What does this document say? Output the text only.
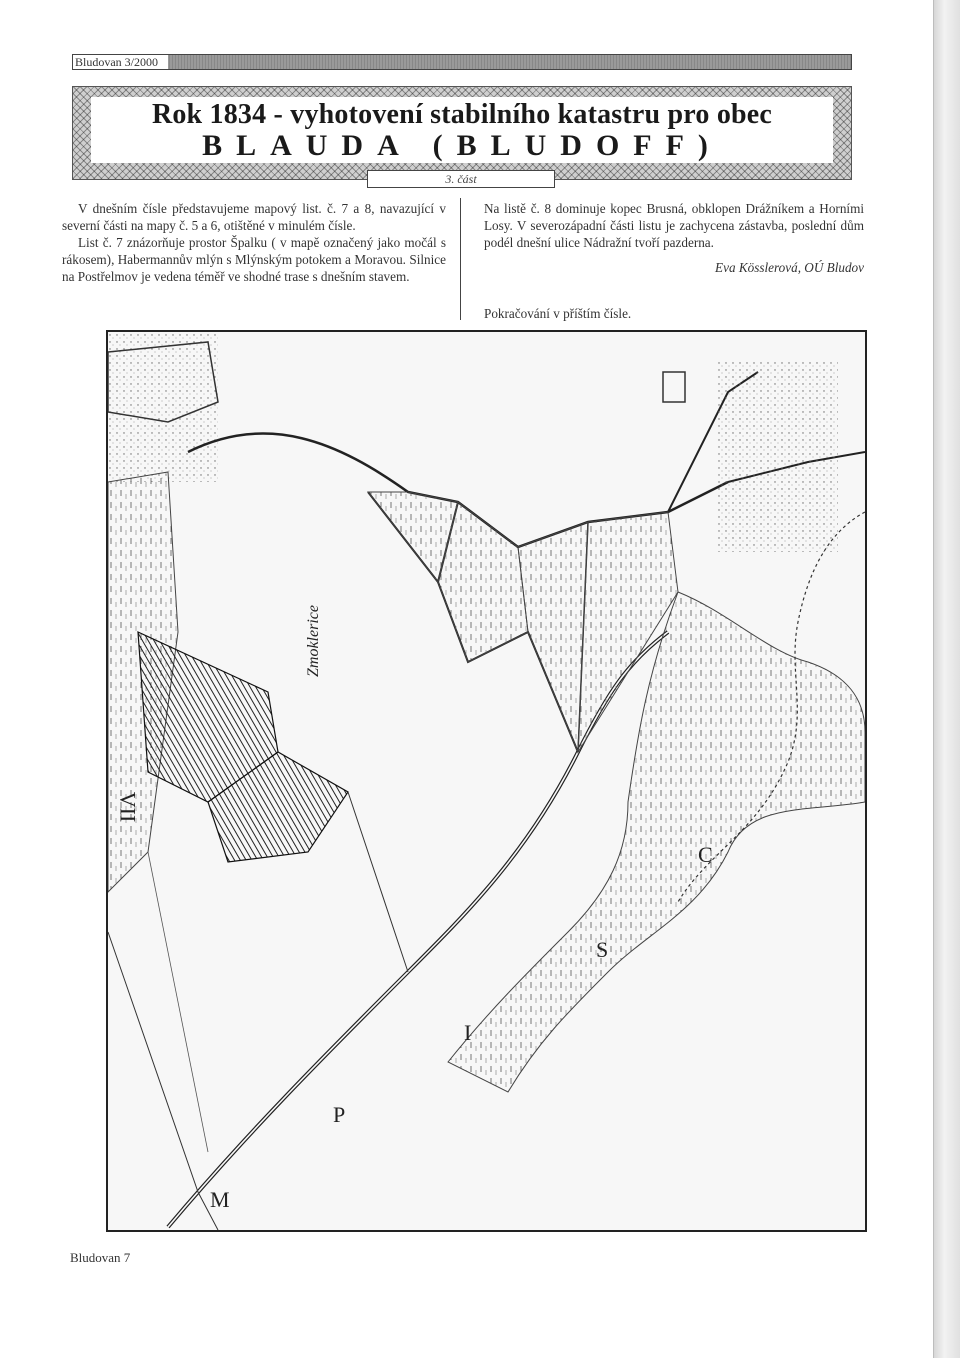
Bludovan 3/2000
Rok 1834 - vyhotovení stabilního katastru pro obec
BLAUDA (BLUDOFF)
3. část

V dnešním čísle představujeme mapový list. č. 7 a 8, navazující v severní části na mapy č. 5 a 6, otištěné v minulém čísle.

List č. 7 znázorňuje prostor Špalku ( v mapě označený jako močál s rákosem), Habermannův mlýn s Mlýnským potokem a Moravou. Silnice na Postřelmov je vedena téměř ve shodné trase s dnešním stavem.

Na listě č. 8 dominuje kopec Brusná, obklopen Drážníkem a Horními Losy. V severozápadní části listu je zachycena zástavba, poslední dům podél dnešní ulice Nádražní tvoří pazderna.

Eva Kösslerová, OÚ Bludov

Pokračování v příštím čísle.
VII
Zmoklerice
C
S
I
P
M
Bludovan 7
